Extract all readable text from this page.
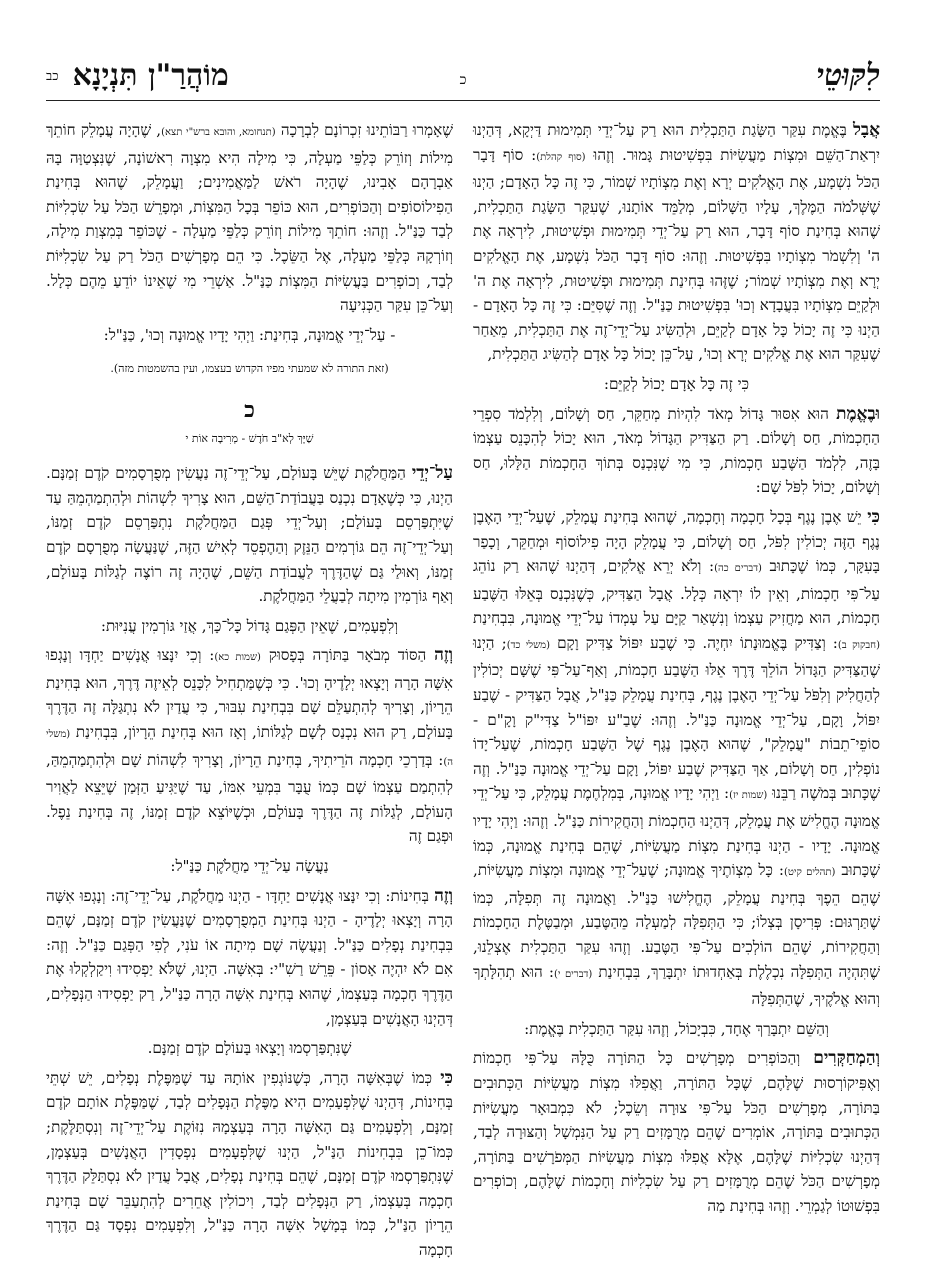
לִקּוּטֵי
כ
מוֹהֲרַ"ן תִּנְיָנָא
כב

אֲבָל בֶּאֱמֶת עִקַּר הַשָּׂגַת הַתַּכְלִית הוּא רַק עַל־יְדֵי תְּמִימוּת דַּיְקָא, דְּהַיְנוּ יִרְאַת־הַשֵּׁם וּמִצְוֹת מַעֲשִׂיּוֹת בִּפְשִׁיטוּת גָּמוּר. וְזֶהוּ (סוף קהלת): סוֹף דָּבָר הַכֹּל נִשְׁמָע, אֶת הָאֱלֹקִים יְרָא וְאֶת מִצְוֹתָיו שְׁמוֹר, כִּי זֶה כָּל הָאָדָם; הַיְנוּ שֶׁשְּׁלֹמֹה הַמֶּלֶךְ, עָלָיו הַשָּׁלוֹם, מְלַמֵּד אוֹתָנוּ, שֶׁעִקַּר הַשָּׂגַת הַתַּכְלִית, שֶׁהוּא בְּחִינַת סוֹף דָּבָר, הוּא רַק עַל־יְדֵי תְּמִימוּת וּפְשִׁיטוּת, לִירְאָה אֶת ה' וְלִשְׁמֹר מִצְוֹתָיו בִּפְשִׁיטוּת. וְזֶהוּ: סוֹף דָּבָר הַכֹּל נִשְׁמָע, אֶת הָאֱלֹקִים יְרָא וְאֶת מִצְוֹתָיו שְׁמוֹר; שֶׁזֶּהוּ בְּחִינַת תְּמִימוּת וּפְשִׁיטוּת, לִירְאָה אֶת ה' וּלְקַיֵּם מִצְוֹתָיו בִּעֲבָדָא וְכוּ' בִּפְשִׁיטוּת כַּנַּ"ל. וְזֶה שֶׁסִּיֵּם: כִּי זֶה כָּל הָאָדָם - הַיְנוּ כִּי זֶה יָכוֹל כָּל אָדָם לְקַיֵּם, וּלְהַשִּׂיג עַל־יְדֵי־זֶה אֶת הַתַּכְלִית, מֵאַחַר שֶׁעִקַּר הוּא אֶת אֱלֹקִים יְרָא וְכוּ', עַל־כֵּן יָכוֹל כָּל אָדָם לְהַשִּׂיג הַתַּכְלִית,

כִּי זֶה כָּל אָדָם יָכוֹל לְקַיֵּם:

וּבֶאֱמֶת הוּא אִסּוּר גָּדוֹל מְאֹד לִהְיוֹת מְחַקֵּר, חַס וְשָׁלוֹם, וְלִלְמֹד סִפְרֵי הַחָכְמוֹת, חַס וְשָׁלוֹם. רַק הַצַּדִּיק הַגָּדוֹל מְאֹד, הוּא יָכוֹל לְהִכָּנֵס עַצְמוֹ בָּזֶה, לִלְמֹד הַשֶּׁבַע חָכְמוֹת, כִּי מִי שֶׁנִּכְנַס בְּתוֹךְ הַחָכְמוֹת הַלָּלוּ, חַס וְשָׁלוֹם, יָכוֹל לִפֹּל שָׁם:

כִּי יֵשׁ אֶבֶן נֶגֶף בְּכָל חָכְמָה וְחָכְמָה, שֶׁהוּא בְּחִינַת עֲמָלֵק, שֶׁעַל־יְדֵי הָאֶבֶן נֶגֶף הַזֶּה יְכוֹלִין לִפֹּל, חַס וְשָׁלוֹם, כִּי עֲמָלֵק הָיָה פִילוֹסוֹף וּמְחַקֵּר, וְכָפַר בָּעִקָּר, כְּמוֹ שֶׁכָּתוּב (דברים כה): וְלֹא יְרֵא אֱלֹקִים, דְּהַיְנוּ שֶׁהוּא רַק נוֹהֵג עַל־פִּי חָכְמוֹת, וְאֵין לוֹ יִרְאָה כְּלָל. אֲבָל הַצַּדִּיק, כְּשֶׁנִּכְנַס בְּאֵלּוּ הַשֶּׁבַע חָכְמוֹת, הוּא מַחֲזִיק עַצְמוֹ וְנִשְׁאַר קַיָּם עַל עָמְדוֹ עַל־יְדֵי אֱמוּנָה, בִּבְחִינַת (חבקוק ב): וְצַדִּיק בֶּאֱמוּנָתוֹ יִחְיֶה. כִּי שֶׁבַע יִפּוֹל צַדִּיק וָקָם (משלי כד); הַיְנוּ שֶׁהַצַּדִּיק הַגָּדוֹל הוֹלֵךְ דֶּרֶךְ אֵלּוּ הַשֶּׁבַע חָכְמוֹת, וְאַף־עַל־פִּי שֶׁשָּׁם יְכוֹלִין לְהַחֲלִיק וְלִפֹּל עַל־יְדֵי הָאֶבֶן נֶגֶף, בְּחִינַת עֲמָלֵק כַּנַּ"ל, אֲבָל הַצַּדִּיק - שֶׁבַע יִפּוֹל, וָקָם, עַל־יְדֵי אֱמוּנָה כַּנַּ"ל. וְזֶהוּ: שֶׁבַ"ע יִפּוֹ"ל צַדִּי"ק וָקָ"ם - סוֹפֵי־תֵבוֹת "עֲמָלֵק", שֶׁהוּא הָאֶבֶן נֶגֶף שֶׁל הַשֶּׁבַע חָכְמוֹת, שֶׁעַל־יָדוֹ נוֹפְלִין, חַס וְשָׁלוֹם, אַךְ הַצַּדִּיק שֶׁבַע יִפּוֹל, וָקָם עַל־יְדֵי אֱמוּנָה כַּנַּ"ל. וְזֶה שֶׁכָּתוּב בְּמֹשֶׁה רַבֵּנוּ (שמות יז): וַיְהִי יָדָיו אֱמוּנָה, בְּמִלְחֶמֶת עֲמָלֵק, כִּי עַל־יְדֵי אֱמוּנָה הֶחֱלִישׁ אֶת עֲמָלֵק, דְּהַיְנוּ הַחָכְמוֹת וְהַחֲקִירוֹת כַּנַּ"ל. וְזֶהוּ: וַיְהִי יָדָיו אֱמוּנָה. יָדָיו - הַיְנוּ בְּחִינַת מִצְוֹת מַעֲשִׂיּוֹת, שֶׁהֵם בְּחִינַת אֱמוּנָה, כְּמוֹ שֶׁכָּתוּב (תהלים קיט): כָּל מִצְוֹתֶיךָ אֱמוּנָה; שֶׁעַל־יְדֵי אֱמוּנָה וּמִצְוֹת מַעֲשִׂיּוֹת, שֶׁהֵם הֵפֶךְ בְּחִינַת עֲמָלֵק, הֶחֱלִישׁוּ כַּנַּ"ל. וַאֲמוּנָה זֶה תְּפִלָּה, כְּמוֹ שֶׁתַּרְגּוּם: פְּרִיסָן בְּצְלוֹ; כִּי הַתְּפִלָּה לְמַעְלָה מֵהַטֶּבַע, וּמְבַטֶּלֶת הַחָכְמוֹת וְהַחֲקִירוֹת, שֶׁהֵם הוֹלְכִים עַל־פִּי הַטֶּבַע. וְזֶהוּ עִקַּר הַתַּכְלִית אֶצְלֵנוּ, שֶׁתִּהְיֶה הַתְּפִלָּה נִכְלֶלֶת בְּאַחְדוּתוֹ יִתְבָּרַךְ, בִּבְחִינַת (דברים י): הוּא תְהִלָּתְךָ וְהוּא אֱלֹקֶיךָ, שֶׁהַתְּפִלָּה

וְהַשֵּׁם יִתְבָּרַךְ אֶחָד, כִּבְיָכוֹל, וְזֶהוּ עִקַּר הַתַּכְלִית בֶּאֱמֶת:

וְהַמְחַקְּרִים וְהַכּוֹפְרִים מְפָרְשִׁים כָּל הַתּוֹרָה כֻּלָּהּ עַל־פִּי חָכְמוֹת וְאֶפִּיקוֹרְסוּת שֶׁלָּהֶם, שֶׁכָּל הַתּוֹרָה, וַאֲפִלּוּ מִצְוֹת מַעֲשִׂיּוֹת הַכְּתוּבִים בַּתּוֹרָה, מְפָרְשִׁים הַכֹּל עַל־פִּי צוּרָה וְשֵׂכֶל; לֹא כִּמְבוּאָר מַעֲשִׂיּוֹת הַכְּתוּבִים בַּתּוֹרָה, אוֹמְרִים שֶׁהֵם מְרֻמָּזִים רַק עַל הַנִּמְשָׁל וְהַצּוּרָה לְבַד, דְּהַיְנוּ שִׂכְלִיּוֹת שֶׁלָּהֶם, אֶלָּא אֲפִלּוּ מִצְוֹת מַעֲשִׂיּוֹת הַמְּפֹרָשִׁים בַּתּוֹרָה, מְפָרְשִׁים הַכֹּל שֶׁהֵם מְרֻמָּזִים רַק עַל שִׂכְלִיּוֹת וְחָכְמוֹת שֶׁלָּהֶם, וְכוֹפְרִים בִּפְשׁוּטוֹ לְגַמְרֵי. וְזֶהוּ בְּחִינַת מַה

שֶׁאָמְרוּ רַבּוֹתֵינוּ זִכְרוֹנָם לִבְרָכָה (תנחומא, והובא ברש"י תצא), שֶׁהָיָה עֲמָלֵק חוֹתֵךְ מִילוֹת וְזוֹרֵק כְּלַפֵּי מַעְלָה, כִּי מִילָה הִיא מִצְוָה רִאשׁוֹנָה, שֶׁנִּצְטַוָּה בָּהּ אַבְרָהָם אָבִינוּ, שֶׁהָיָה רֹאשׁ לַמַּאֲמִינִים; וַעֲמָלֵק, שֶׁהוּא בְּחִינַת הַפִילוֹסוֹפִים וְהַכּוֹפְרִים, הוּא כּוֹפֵר בְּכָל הַמִּצְוֹת, וּמְפָרֵשׁ הַכֹּל עַל שִׂכְלִיּוֹת לְבַד כַּנַּ"ל. וְזֶהוּ: חוֹתֵךְ מִילוֹת וְזוֹרֵק כְּלַפֵּי מַעְלָה - שֶׁכּוֹפֵר בְּמִצְוַת מִילָה, וְזוֹרְקָהּ כְּלַפֵּי מַעְלָה, אֶל הַשֵּׂכֶל. כִּי הֵם מְפָרְשִׁים הַכֹּל רַק עַל שִׂכְלִיּוֹת לְבַד, וְכוֹפְרִים בַּעֲשִׂיּוֹת הַמִּצְוֹת כַּנַּ"ל. אַשְׁרֵי מִי שֶׁאֵינוֹ יוֹדֵעַ מֵהֶם כְּלָל. וְעַל־כֵּן עִקַּר הַכְּנִיעָה

- עַל־יְדֵי אֱמוּנָה, בְּחִינַת: וַיְהִי יָדָיו אֱמוּנָה וְכוּ', כַּנַּ"ל:

(זאת התורה לא שמעתי מפיו הקדוש בעצמו, ועין בהשמטות מזה).

כ
שַׁיָּךְ לְא"ב חֹדֶשׁ - מְרִיבָה אוֹת י

עַל־יְדֵי הַמַּחֲלֹקֶת שֶׁיֵּשׁ בָּעוֹלָם, עַל־יְדֵי־זֶה נַעֲשִׂין מְפֻרְסָמִים קֹדֶם זְמַנָּם. הַיְנוּ, כִּי כְּשֶׁאָדָם נִכְנַס בַּעֲבוֹדַת־הַשֵּׁם, הוּא צָרִיךְ לִשְׁהוֹת וּלְהִתְמַהְמֵהַּ עַד שֶׁיִּתְפַּרְסֵם בָּעוֹלָם; וְעַל־יְדֵי פְּגַם הַמַּחֲלֹקֶת נִתְפַּרְסֵם קֹדֶם זְמַנּוֹ, וְעַל־יְדֵי־זֶה הֵם גּוֹרְמִים הַנֵּזֶק וְהַהֶפְסֵד לְאִישׁ הַזֶּה, שֶׁנַּעֲשָׂה מְפֻרְסָם קֹדֶם זְמַנּוֹ, וְאוּלַי גַּם שֶׁהַדֶּרֶךְ לַעֲבוֹדַת הַשֵּׁם, שֶׁהָיָה זֶה רוֹצֶה לְגַלּוֹת בָּעוֹלָם, וְאַף גּוֹרְמִין מִיתָה לְבַעֲלֵי הַמַּחֲלֹקֶת.

וְלִפְעָמִים, שֶׁאֵין הַפְּגַם גָּדוֹל כָּל־כָּךְ, אֲזַי גּוֹרְמִין עֲנִיּוּת:

וְזֶה הַסּוֹד מְבֹאָר בַּתּוֹרָה בְּפָסוּק (שמות כא): וְכִי יִנָּצוּ אֲנָשִׁים יַחְדָּו וְנָגְפוּ אִשָּׁה הָרָה וְיָצְאוּ יְלָדֶיהָ וְכוּ'. כִּי כְּשֶׁמַּתְחִיל לִכָּנֵס לְאֵיזֶה דֶּרֶךְ, הוּא בְּחִינַת הֵרָיוֹן, וְצָרִיךְ לְהִתְעַלֵּם שָׁם בִּבְחִינַת עִבּוּר, כִּי עֲדַיִן לֹא נִתְגַּלָּה זֶה הַדֶּרֶךְ בָּעוֹלָם, רַק הוּא נִכְנַס לְשָׁם לְגַלּוֹתוֹ, וְאָז הוּא בְּחִינַת הֵרָיוֹן, בִּבְחִינַת (משלי ה): בְּדַרְכֵי חָכְמָה הֹרֵיתִיךָ, בְּחִינַת הֵרָיוֹן, וְצָרִיךְ לִשְׁהוֹת שָׁם וּלְהִתְמַהְמֵהַּ, לְהִתְמַם עַצְמוֹ שָׁם כְּמוֹ עֻבָּר בִּמְעֵי אִמּוֹ, עַד שֶׁיַּגִּיעַ הַזְּמַן שֶׁיֵּצֵא לַאֲוִיר הָעוֹלָם, לְגַלּוֹת זֶה הַדֶּרֶךְ בָּעוֹלָם, וּכְשֶׁיּוֹצֵא קֹדֶם זְמַנּוֹ, זֶה בְּחִינַת נֵפֶל. וּפְגַם זֶה

נַעֲשָׂה עַל־יְדֵי מַחֲלֹקֶת כַּנַּ"ל:

וְזֶה בְּחִינוֹת: וְכִי יִנָּצוּ אֲנָשִׁים יַחְדָּו - הַיְנוּ מַחֲלֹקֶת, עַל־יְדֵי־זֶה: וְנָגְפוּ אִשָּׁה הָרָה וְיָצְאוּ יְלָדֶיהָ - הַיְנוּ בְּחִינַת הַמְפֻרְסָמִים שֶׁנַּעֲשִׂין קֹדֶם זְמַנָּם, שֶׁהֵם בִּבְחִינַת נְפָלִים כַּנַּ"ל. וְנַעֲשֶׂה שָׁם מִיתָה אוֹ עֹנִי, לְפִי הַפְּגַם כַּנַּ"ל. וְזֶה: אִם לֹא יִהְיֶה אָסוֹן - פֵּרֵשׁ רַשִׁ"י: בְּאִשָּׁה. הַיְנוּ, שֶׁלֹּא יַפְסִידוּ וִיקַלְקְלוּ אֶת הַדֶּרֶךְ חָכְמָה בְּעַצְמוֹ, שֶׁהוּא בְּחִינַת אִשָּׁה הָרָה כַּנַּ"ל, רַק יַפְסִידוּ הַנְּפָלִים, דְּהַיְנוּ הָאֲנָשִׁים בְּעַצְמָן,

שֶׁנִּתְפַּרְסְמוּ וְיָצְאוּ בָּעוֹלָם קֹדֶם זְמַנָּם.

כִּי כְּמוֹ שֶׁבְּאִשָּׁה הָרָה, כְּשֶׁנּוֹגְפִין אוֹתָהּ עַד שֶׁמַּפֶּלֶת נְפָלִים, יֵשׁ שְׁתֵּי בְּחִינוֹת, דְּהַיְנוּ שֶׁלִּפְעָמִים הִיא מַפֶּלֶת הַנְּפָלִים לְבַד, שֶׁמַּפֶּלֶת אוֹתָם קֹדֶם זְמַנָּם, וְלִפְעָמִים גַּם הָאִשָּׁה הָרָה בְּעַצְמָהּ נִזּוֹקֶת עַל־יְדֵי־זֶה וְנִסְתַּלֶּקֶת; כְּמוֹ־כֵן בִּבְחִינוֹת הַנַּ"ל, הַיְנוּ שֶׁלִּפְעָמִים נִפְסָדִין הָאֲנָשִׁים בְּעַצְמָן, שֶׁנִּתְפַּרְסְמוּ קֹדֶם זְמַנָּם, שֶׁהֵם בְּחִינַת נְפָלִים, אֲבָל עֲדַיִן לֹא נִסְתַּלֵּק הַדֶּרֶךְ חָכְמָה בְּעַצְמוֹ, רַק הַנְּפָלִים לְבַד, וִיכוֹלִין אֲחֵרִים לְהִתְעַבֵּר שָׁם בְּחִינַת הֵרָיוֹן הַנַּ"ל, כְּמוֹ בְּמָשָׁל אִשָּׁה הָרָה כַּנַּ"ל, וְלִפְעָמִים נִפְסָד גַּם הַדֶּרֶךְ חָכְמָה
